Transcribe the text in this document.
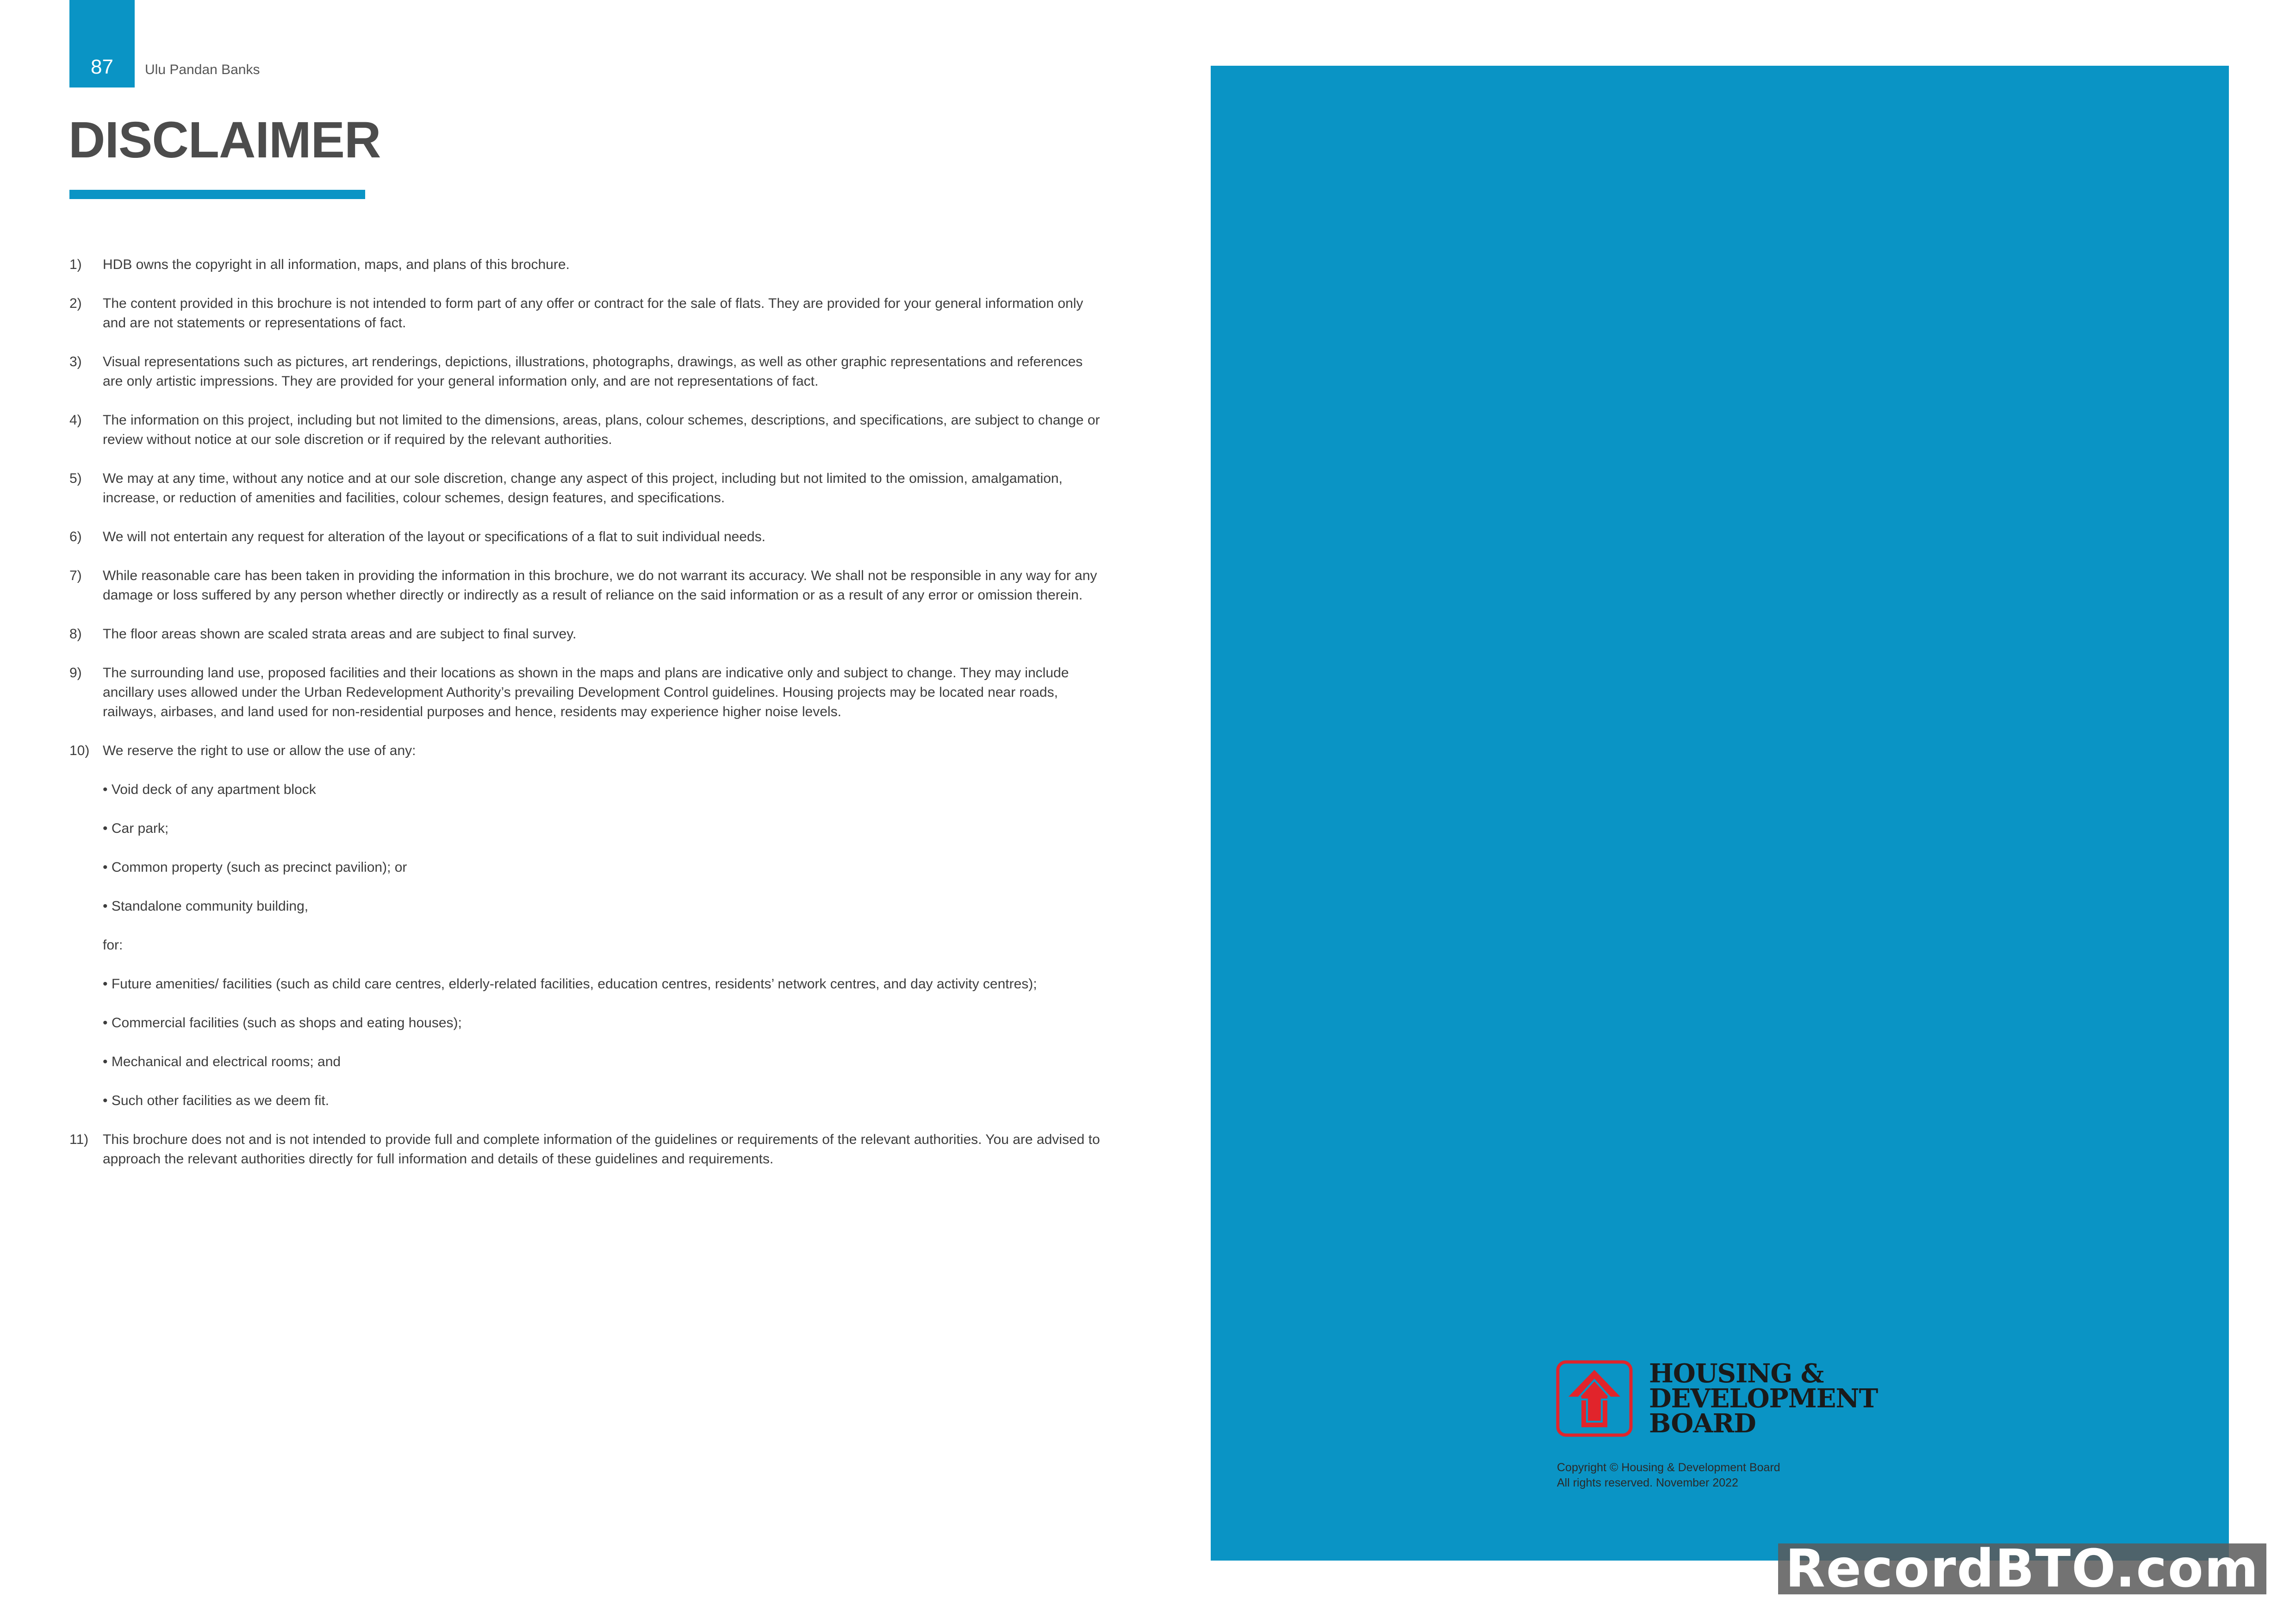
87	Ulu Pandan Banks
DISCLAIMER
1)	HDB owns the copyright in all information, maps, and plans of this brochure.
2)	The content provided in this brochure is not intended to form part of any offer or contract for the sale of flats. They are provided for your general information only and are not statements or representations of fact.
3)	Visual representations such as pictures, art renderings, depictions, illustrations, photographs, drawings, as well as other graphic representations and references are only artistic impressions. They are provided for your general information only, and are not representations of fact.
4)	The information on this project, including but not limited to the dimensions, areas, plans, colour schemes, descriptions, and specifications, are subject to change or review without notice at our sole discretion or if required by the relevant authorities.
5)	We may at any time, without any notice and at our sole discretion, change any aspect of this project, including but not limited to the omission, amalgamation, increase, or reduction of amenities and facilities, colour schemes, design features, and specifications.
6)	We will not entertain any request for alteration of the layout or specifications of a flat to suit individual needs.
7)	While reasonable care has been taken in providing the information in this brochure, we do not warrant its accuracy. We shall not be responsible in any way for any damage or loss suffered by any person whether directly or indirectly as a result of reliance on the said information or as a result of any error or omission therein.
8)	The floor areas shown are scaled strata areas and are subject to final survey.
9)	The surrounding land use, proposed facilities and their locations as shown in the maps and plans are indicative only and subject to change. They may include ancillary uses allowed under the Urban Redevelopment Authority’s prevailing Development Control guidelines. Housing projects may be located near roads, railways, airbases, and land used for non-residential purposes and hence, residents may experience higher noise levels.
10) We reserve the right to use or allow the use of any:
• Void deck of any apartment block
• Car park;
• Common property (such as precinct pavilion); or
• Standalone community building,
for:
• Future amenities/ facilities (such as child care centres, elderly-related facilities, education centres, residents’ network centres, and day activity centres);
• Commercial facilities (such as shops and eating houses);
• Mechanical and electrical rooms; and
• Such other facilities as we deem fit.
11)	This brochure does not and is not intended to provide full and complete information of the guidelines or requirements of the relevant authorities. You are advised to approach the relevant authorities directly for full information and details of these guidelines and requirements.
HOUSING &
DEVELOPMENT
BOARD
Copyright © Housing & Development Board
All rights reserved. November 2022
RecordBTO.com
